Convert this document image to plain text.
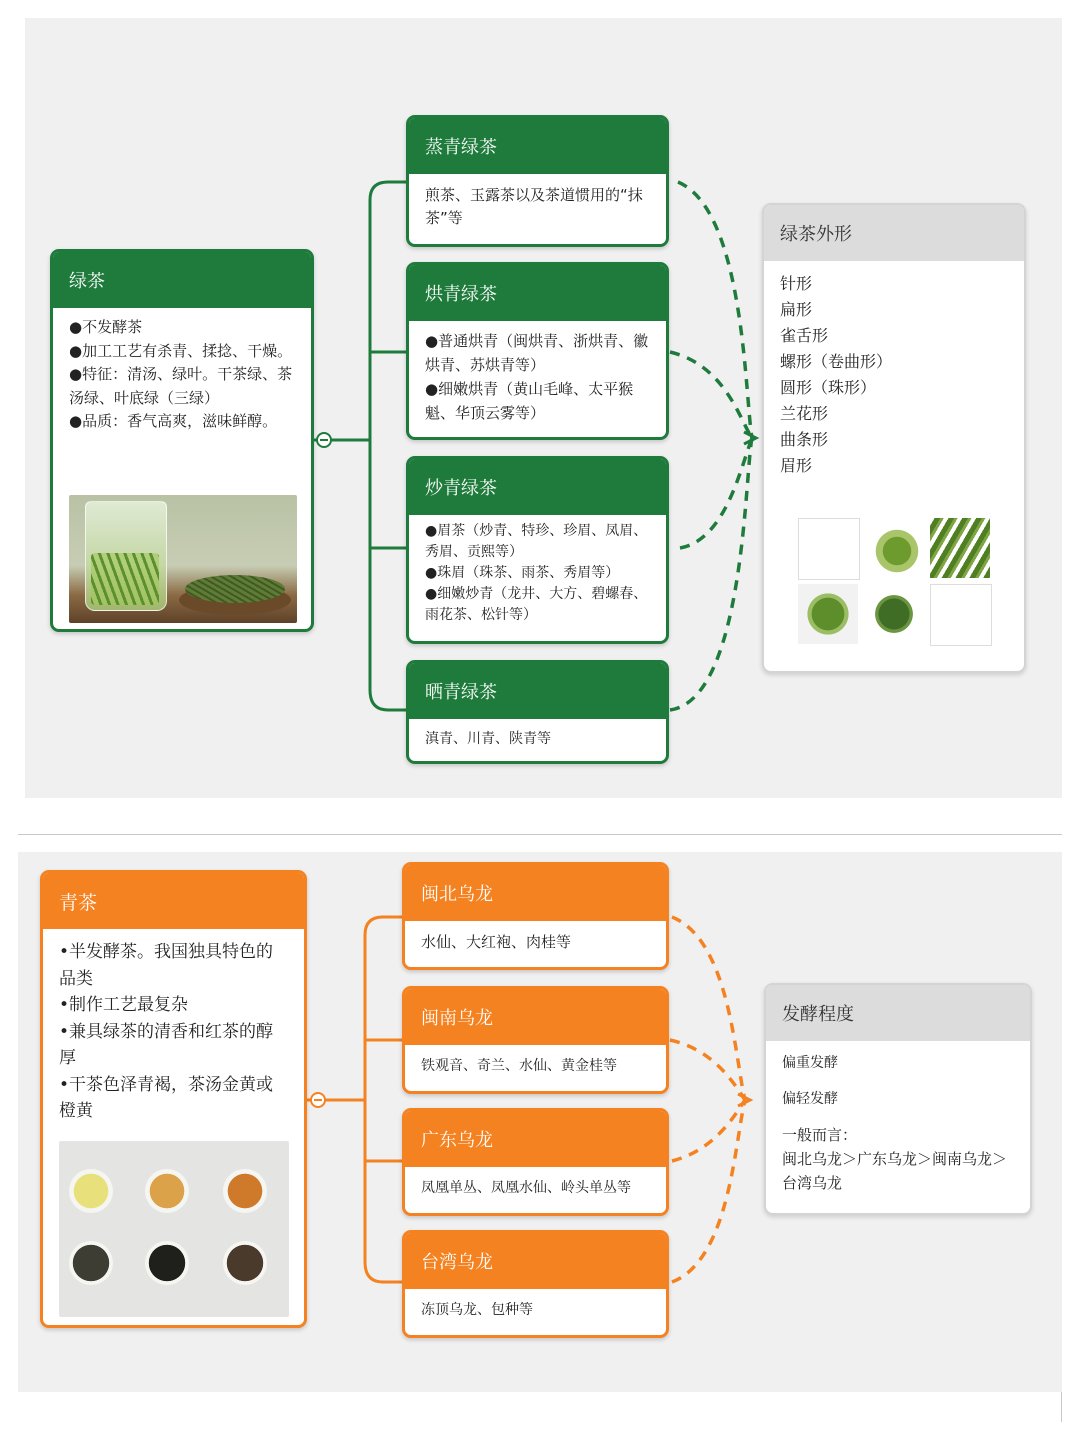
绿茶
●不发酵茶
●加工工艺有杀青、揉捻、干燥。
●特征：清汤、绿叶。干茶绿、茶汤绿、叶底绿（三绿）
●品质：香气高爽，滋味鲜醇。
蒸青绿茶
煎茶、玉露茶以及茶道惯用的“抹茶”等
烘青绿茶
●普通烘青（闽烘青、浙烘青、徽烘青、苏烘青等）
●细嫩烘青（黄山毛峰、太平猴魁、华顶云雾等）
炒青绿茶
●眉茶（炒青、特珍、珍眉、凤眉、秀眉、贡熙等）
●珠眉（珠茶、雨茶、秀眉等）
●细嫩炒青（龙井、大方、碧螺春、雨花茶、松针等）
晒青绿茶
滇青、川青、陕青等
绿茶外形
针形
扁形
雀舌形
螺形（卷曲形）
圆形（珠形）
兰花形
曲条形
眉形
青茶
•半发酵茶。我国独具特色的品类
•制作工艺最复杂
•兼具绿茶的清香和红茶的醇厚
•干茶色泽青褐，茶汤金黄或橙黄
闽北乌龙
水仙、大红袍、肉桂等
闽南乌龙
铁观音、奇兰、水仙、黄金桂等
广东乌龙
凤凰单丛、凤凰水仙、岭头单丛等
台湾乌龙
冻顶乌龙、包种等
发酵程度
偏重发酵
偏轻发酵
一般而言：
闽北乌龙＞广东乌龙＞闽南乌龙＞台湾乌龙
